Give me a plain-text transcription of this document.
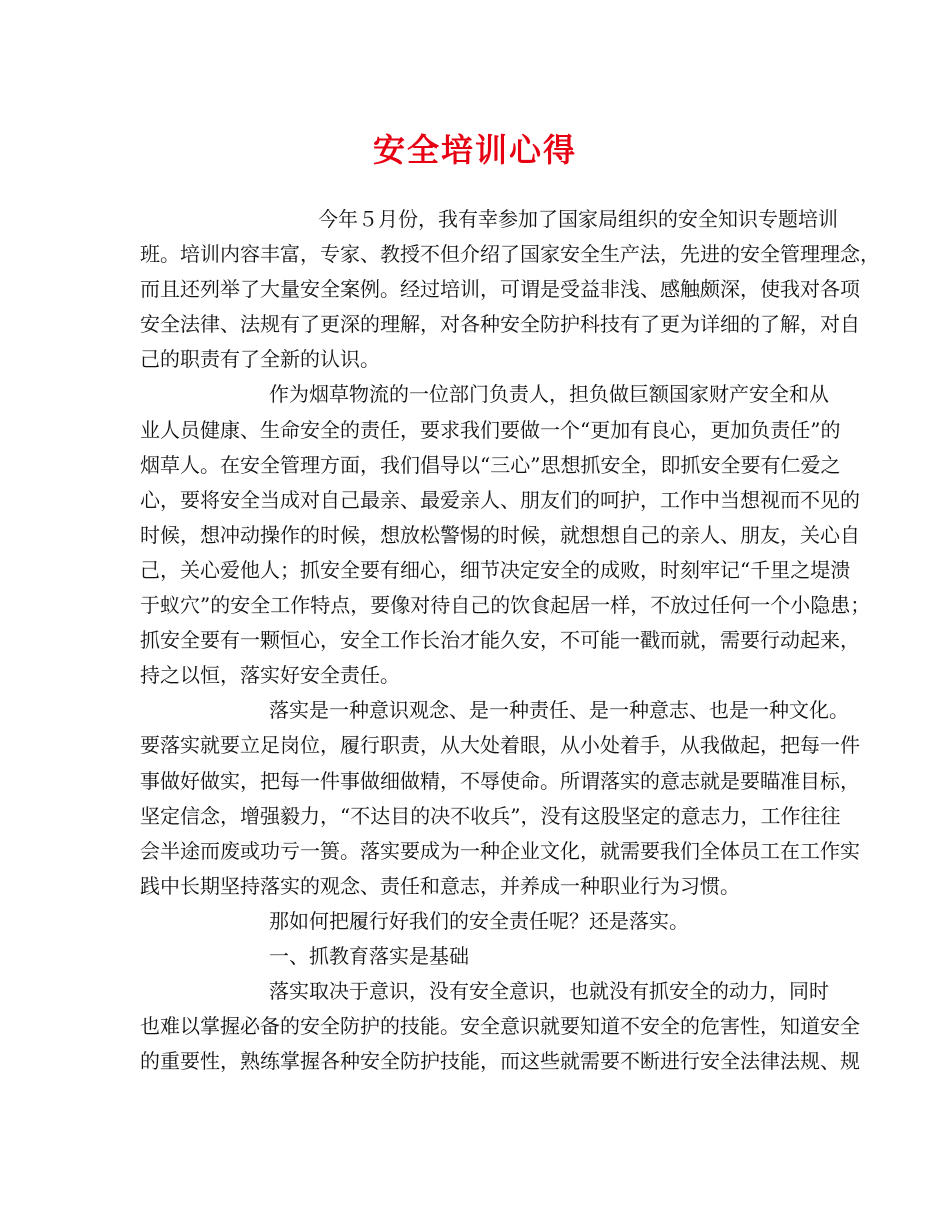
安全培训心得
今年５月份，我有幸参加了国家局组织的安全知识专题培训
班。培训内容丰富，专家、教授不但介绍了国家安全生产法，先进的安全管理理念，
而且还列举了大量安全案例。经过培训，可谓是受益非浅、感触颇深，使我对各项
安全法律、法规有了更深的理解，对各种安全防护科技有了更为详细的了解，对自
己的职责有了全新的认识。
作为烟草物流的一位部门负责人，担负做巨额国家财产安全和从
业人员健康、生命安全的责任，要求我们要做一个“更加有良心，更加负责任”的
烟草人。在安全管理方面，我们倡导以“三心”思想抓安全，即抓安全要有仁爱之
心，要将安全当成对自己最亲、最爱亲人、朋友们的呵护，工作中当想视而不见的
时候，想冲动操作的时候，想放松警惕的时候，就想想自己的亲人、朋友，关心自
己，关心爱他人；抓安全要有细心，细节决定安全的成败，时刻牢记“千里之堤溃
于蚁穴”的安全工作特点，要像对待自己的饮食起居一样，不放过任何一个小隐患；
抓安全要有一颗恒心，安全工作长治才能久安，不可能一戳而就，需要行动起来，
持之以恒，落实好安全责任。
落实是一种意识观念、是一种责任、是一种意志、也是一种文化。
要落实就要立足岗位，履行职责，从大处着眼，从小处着手，从我做起，把每一件
事做好做实，把每一件事做细做精，不辱使命。所谓落实的意志就是要瞄准目标，
坚定信念，增强毅力，“不达目的决不收兵”，没有这股坚定的意志力，工作往往
会半途而废或功亏一篑。落实要成为一种企业文化，就需要我们全体员工在工作实
践中长期坚持落实的观念、责任和意志，并养成一种职业行为习惯。
那如何把履行好我们的安全责任呢？还是落实。
一、抓教育落实是基础
落实取决于意识，没有安全意识，也就没有抓安全的动力，同时
也难以掌握必备的安全防护的技能。安全意识就要知道不安全的危害性，知道安全
的重要性，熟练掌握各种安全防护技能，而这些就需要不断进行安全法律法规、规
